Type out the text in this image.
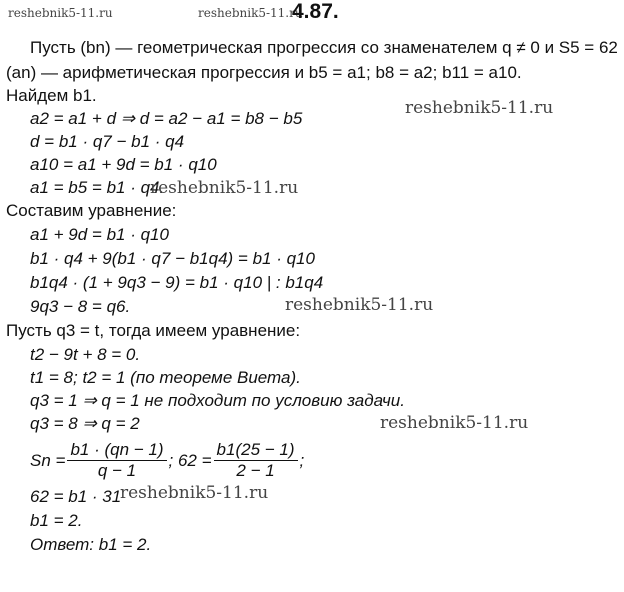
reshebnik5-11.ru	reshebnik5-11.ru
4.87.
Пусть (bn) — геометрическая прогрессия со знаменателем q ≠ 0 и S5 = 62
(an) — арифметическая прогрессия и b5 = a1; b8 = a2; b11 = a10.
Найдем b1.
reshebnik5-11.ru
a2 = a1 + d ⇒ d = a2 − a1 = b8 − b5
d = b1 · q7 − b1 · q4
a10 = a1 + 9d = b1 · q10
a1 = b5 = b1 · q4.
reshebnik5-11.ru
Составим уравнение:
a1 + 9d = b1 · q10
b1 · q4 + 9(b1 · q7 − b1q4) = b1 · q10
b1q4 · (1 + 9q3 − 9) = b1 · q10 | : b1q4
reshebnik5-11.ru
9q3 − 8 = q6.
Пусть q3 = t, тогда имеем уравнение:
t2 − 9t + 8 = 0.
t1 = 8; t2 = 1 (по теореме Виета).
q3 = 1 ⇒ q = 1 не подходит по условию задачи.
q3 = 8 ⇒ q = 2	reshebnik5-11.ru
$Sn = \frac{b1 \cdot (qn - 1)}{q - 1}$ ; $62 = \frac{b1(25 - 1)}{2 - 1}$ ;
reshebnik5-11.ru
62 = b1 · 31
b1 = 2.
Ответ: b1 = 2.
